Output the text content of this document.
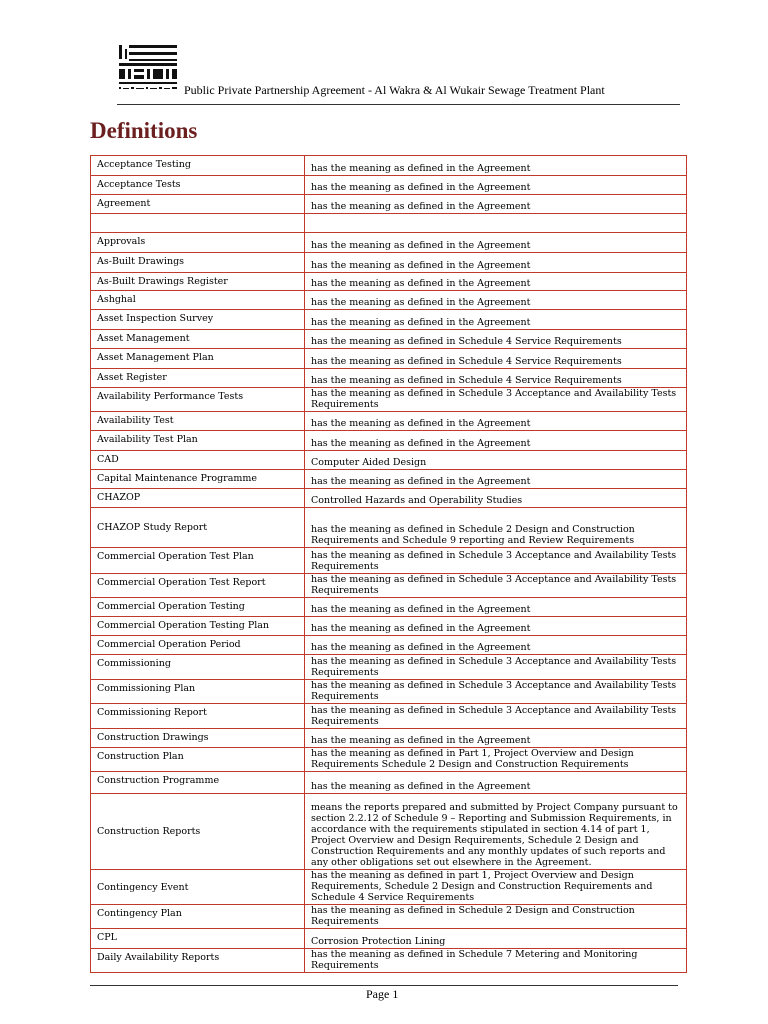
Public Private Partnership Agreement - Al Wakra & Al Wukair Sewage Treatment Plant
Definitions
Acceptance Testing	has the meaning as defined in the Agreement
Acceptance Tests	has the meaning as defined in the Agreement
Agreement	has the meaning as defined in the Agreement

Approvals	has the meaning as defined in the Agreement
As-Built Drawings	has the meaning as defined in the Agreement
As-Built Drawings Register	has the meaning as defined in the Agreement
Ashghal	has the meaning as defined in the Agreement
Asset Inspection Survey	has the meaning as defined in the Agreement
Asset Management	has the meaning as defined in Schedule 4 Service Requirements
Asset Management Plan	has the meaning as defined in Schedule 4 Service Requirements
Asset Register	has the meaning as defined in Schedule 4 Service Requirements
Availability Performance Tests	has the meaning as defined in Schedule 3 Acceptance and Availability Tests Requirements
Availability Test	has the meaning as defined in the Agreement
Availability Test Plan	has the meaning as defined in the Agreement
CAD	Computer Aided Design
Capital Maintenance Programme	has the meaning as defined in the Agreement
CHAZOP	Controlled Hazards and Operability Studies
CHAZOP Study Report	has the meaning as defined in Schedule 2 Design and Construction Requirements and Schedule 9 reporting and Review Requirements
Commercial Operation Test Plan	has the meaning as defined in Schedule 3 Acceptance and Availability Tests Requirements
Commercial Operation Test Report	has the meaning as defined in Schedule 3 Acceptance and Availability Tests Requirements
Commercial Operation Testing	has the meaning as defined in the Agreement
Commercial Operation Testing Plan	has the meaning as defined in the Agreement
Commercial Operation Period	has the meaning as defined in the Agreement
Commissioning	has the meaning as defined in Schedule 3 Acceptance and Availability Tests Requirements
Commissioning Plan	has the meaning as defined in Schedule 3 Acceptance and Availability Tests Requirements
Commissioning Report	has the meaning as defined in Schedule 3 Acceptance and Availability Tests Requirements
Construction Drawings	has the meaning as defined in the Agreement
Construction Plan	has the meaning as defined in Part 1, Project Overview and Design Requirements Schedule 2 Design and Construction Requirements
Construction Programme	has the meaning as defined in the Agreement
Construction Reports	means the reports prepared and submitted by Project Company pursuant to section 2.2.12 of Schedule 9 – Reporting and Submission Requirements, in accordance with the requirements stipulated in section 4.14 of part 1, Project Overview and Design Requirements, Schedule 2 Design and Construction Requirements and any monthly updates of such reports and any other obligations set out elsewhere in the Agreement.
Contingency Event	has the meaning as defined in part 1, Project Overview and Design Requirements, Schedule 2 Design and Construction Requirements and Schedule 4 Service Requirements
Contingency Plan	has the meaning as defined in Schedule 2 Design and Construction Requirements
CPL	Corrosion Protection Lining
Daily Availability Reports	has the meaning as defined in Schedule 7 Metering and Monitoring Requirements
Page 1
